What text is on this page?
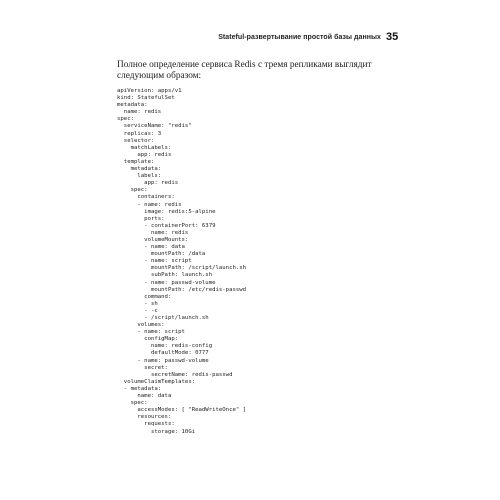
Stateful-развертывание простой базы данных 35

Полное определение сервиса Redis с тремя репликами выглядит следующим образом:

apiVersion: apps/v1
kind: StatefulSet
metadata:
name: redis
spec:
serviceName: "redis"
replicas: 3
selector:
matchLabels:
app: redis
template:
metadata:
labels:
app: redis
spec:
containers:
- name: redis
image: redis:5-alpine
ports:
- containerPort: 6379
name: redis
volumeMounts:
- name: data
mountPath: /data
- name: script
mountPath: /script/launch.sh
subPath: launch.sh
- name: passwd-volume
mountPath: /etc/redis-passwd
command:
- sh
- -c
- /script/launch.sh
volumes:
- name: script
configMap:
name: redis-config
defaultMode: 0777
- name: passwd-volume
secret:
secretName: redis-passwd
volumeClaimTemplates:
- metadata:
name: data
spec:
accessModes: [ "ReadWriteOnce" ]
resources:
requests:
storage: 10Gi
